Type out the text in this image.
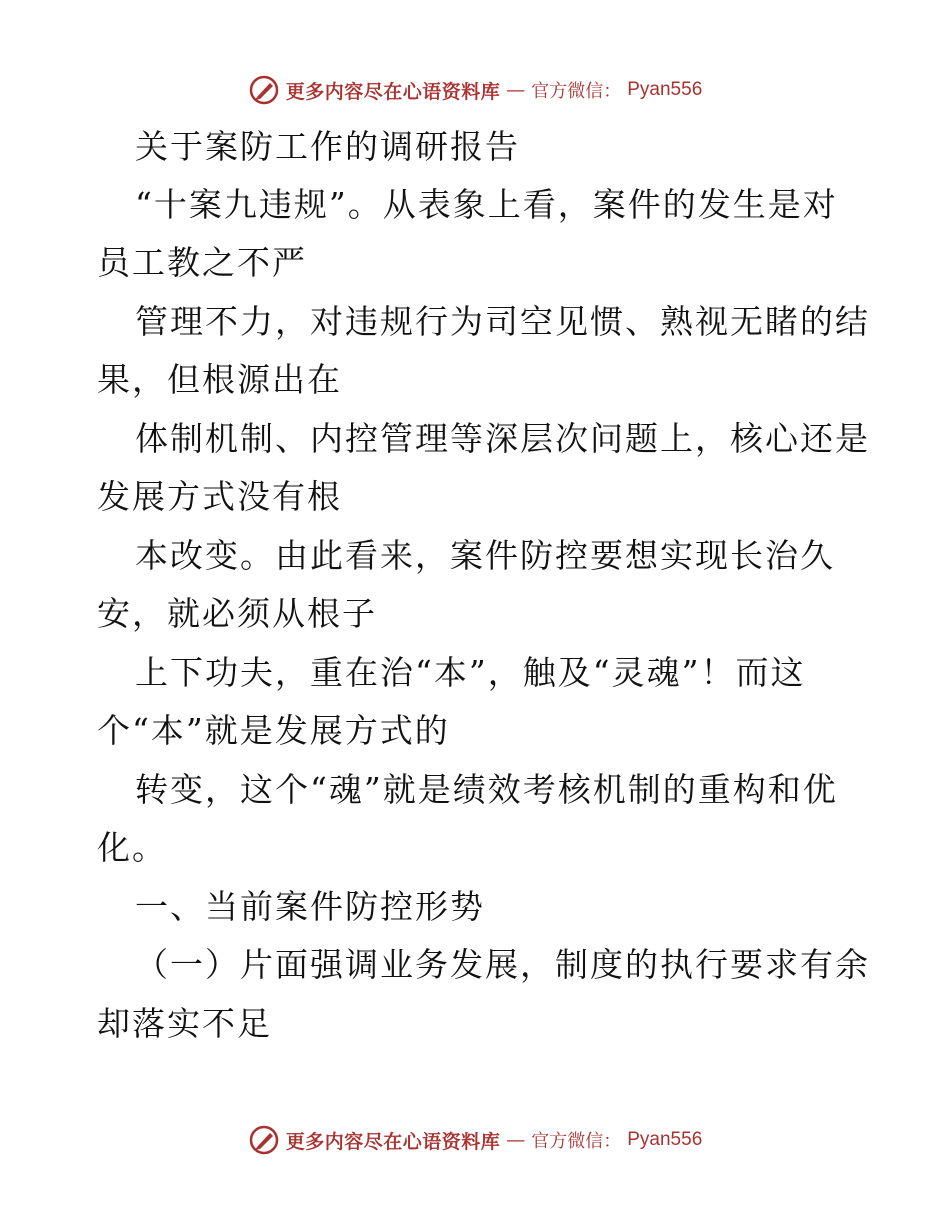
更多内容尽在心语资料库 — 官方微信： Pyan556
关于案防工作的调研报告
“十案九违规”。从表象上看，案件的发生是对
员工教之不严
管理不力，对违规行为司空见惯、熟视无睹的结
果，但根源出在
体制机制、内控管理等深层次问题上，核心还是
发展方式没有根
本改变。由此看来，案件防控要想实现长治久
安，就必须从根子
上下功夫，重在治“本”，触及“灵魂”！而这
个“本”就是发展方式的
转变，这个“魂”就是绩效考核机制的重构和优
化。
一、当前案件防控形势
（一）片面强调业务发展，制度的执行要求有余
却落实不足
更多内容尽在心语资料库 — 官方微信： Pyan556
